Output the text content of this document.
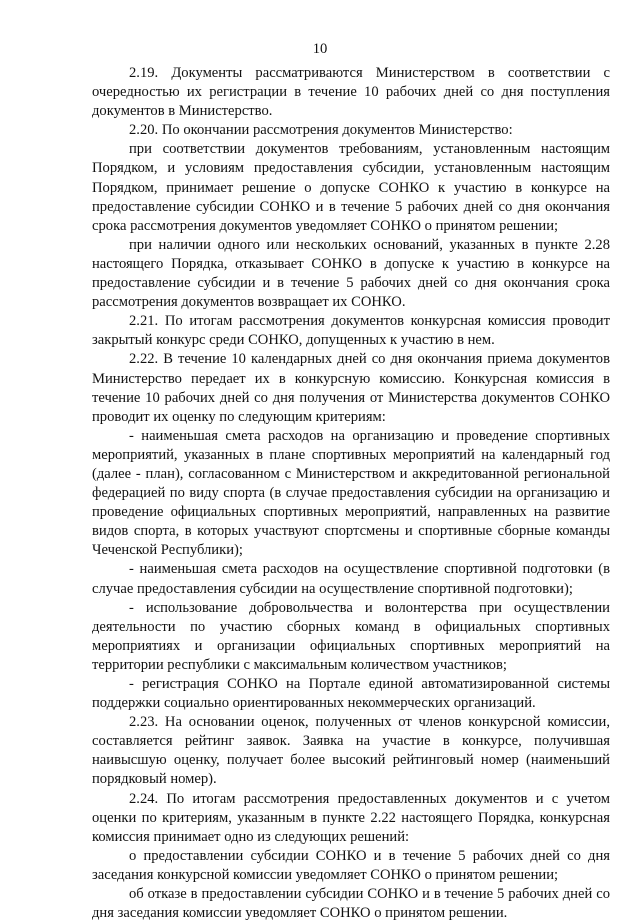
10

2.19. Документы рассматриваются Министерством в соответствии с очередностью их регистрации в течение 10 рабочих дней со дня поступления документов в Министерство.

2.20. По окончании рассмотрения документов Министерство:

при соответствии документов требованиям, установленным настоящим Порядком, и условиям предоставления субсидии, установленным настоящим Порядком, принимает решение о допуске СОНКО к участию в конкурсе на предоставление субсидии СОНКО и в течение 5 рабочих дней со дня окончания срока рассмотрения документов уведомляет СОНКО о принятом решении;

при наличии одного или нескольких оснований, указанных в пункте 2.28 настоящего Порядка, отказывает СОНКО в допуске к участию в конкурсе на предоставление субсидии и в течение 5 рабочих дней со дня окончания срока рассмотрения документов возвращает их СОНКО.

2.21. По итогам рассмотрения документов конкурсная комиссия проводит закрытый конкурс среди СОНКО, допущенных к участию в нем.

2.22. В течение 10 календарных дней со дня окончания приема документов Министерство передает их в конкурсную комиссию. Конкурсная комиссия в течение 10 рабочих дней со дня получения от Министерства документов СОНКО проводит их оценку по следующим критериям:

- наименьшая смета расходов на организацию и проведение спортивных мероприятий, указанных в плане спортивных мероприятий на календарный год (далее - план), согласованном с Министерством и аккредитованной региональной федерацией по виду спорта (в случае предоставления субсидии на организацию и проведение официальных спортивных мероприятий, направленных на развитие видов спорта, в которых участвуют спортсмены и спортивные сборные команды Чеченской Республики);

- наименьшая смета расходов на осуществление спортивной подготовки (в случае предоставления субсидии на осуществление спортивной подготовки);

- использование добровольчества и волонтерства при осуществлении деятельности по участию сборных команд в официальных спортивных мероприятиях и организации официальных спортивных мероприятий на территории республики с максимальным количеством участников;

- регистрация СОНКО на Портале единой автоматизированной системы поддержки социально ориентированных некоммерческих организаций.

2.23. На основании оценок, полученных от членов конкурсной комиссии, составляется рейтинг заявок. Заявка на участие в конкурсе, получившая наивысшую оценку, получает более высокий рейтинговый номер (наименьший порядковый номер).

2.24. По итогам рассмотрения предоставленных документов и с учетом оценки по критериям, указанным в пункте 2.22 настоящего Порядка, конкурсная комиссия принимает одно из следующих решений:

о предоставлении субсидии СОНКО и в течение 5 рабочих дней со дня заседания конкурсной комиссии уведомляет СОНКО о принятом решении;

об отказе в предоставлении субсидии СОНКО и в течение 5 рабочих дней со дня заседания комиссии уведомляет СОНКО о принятом решении.
